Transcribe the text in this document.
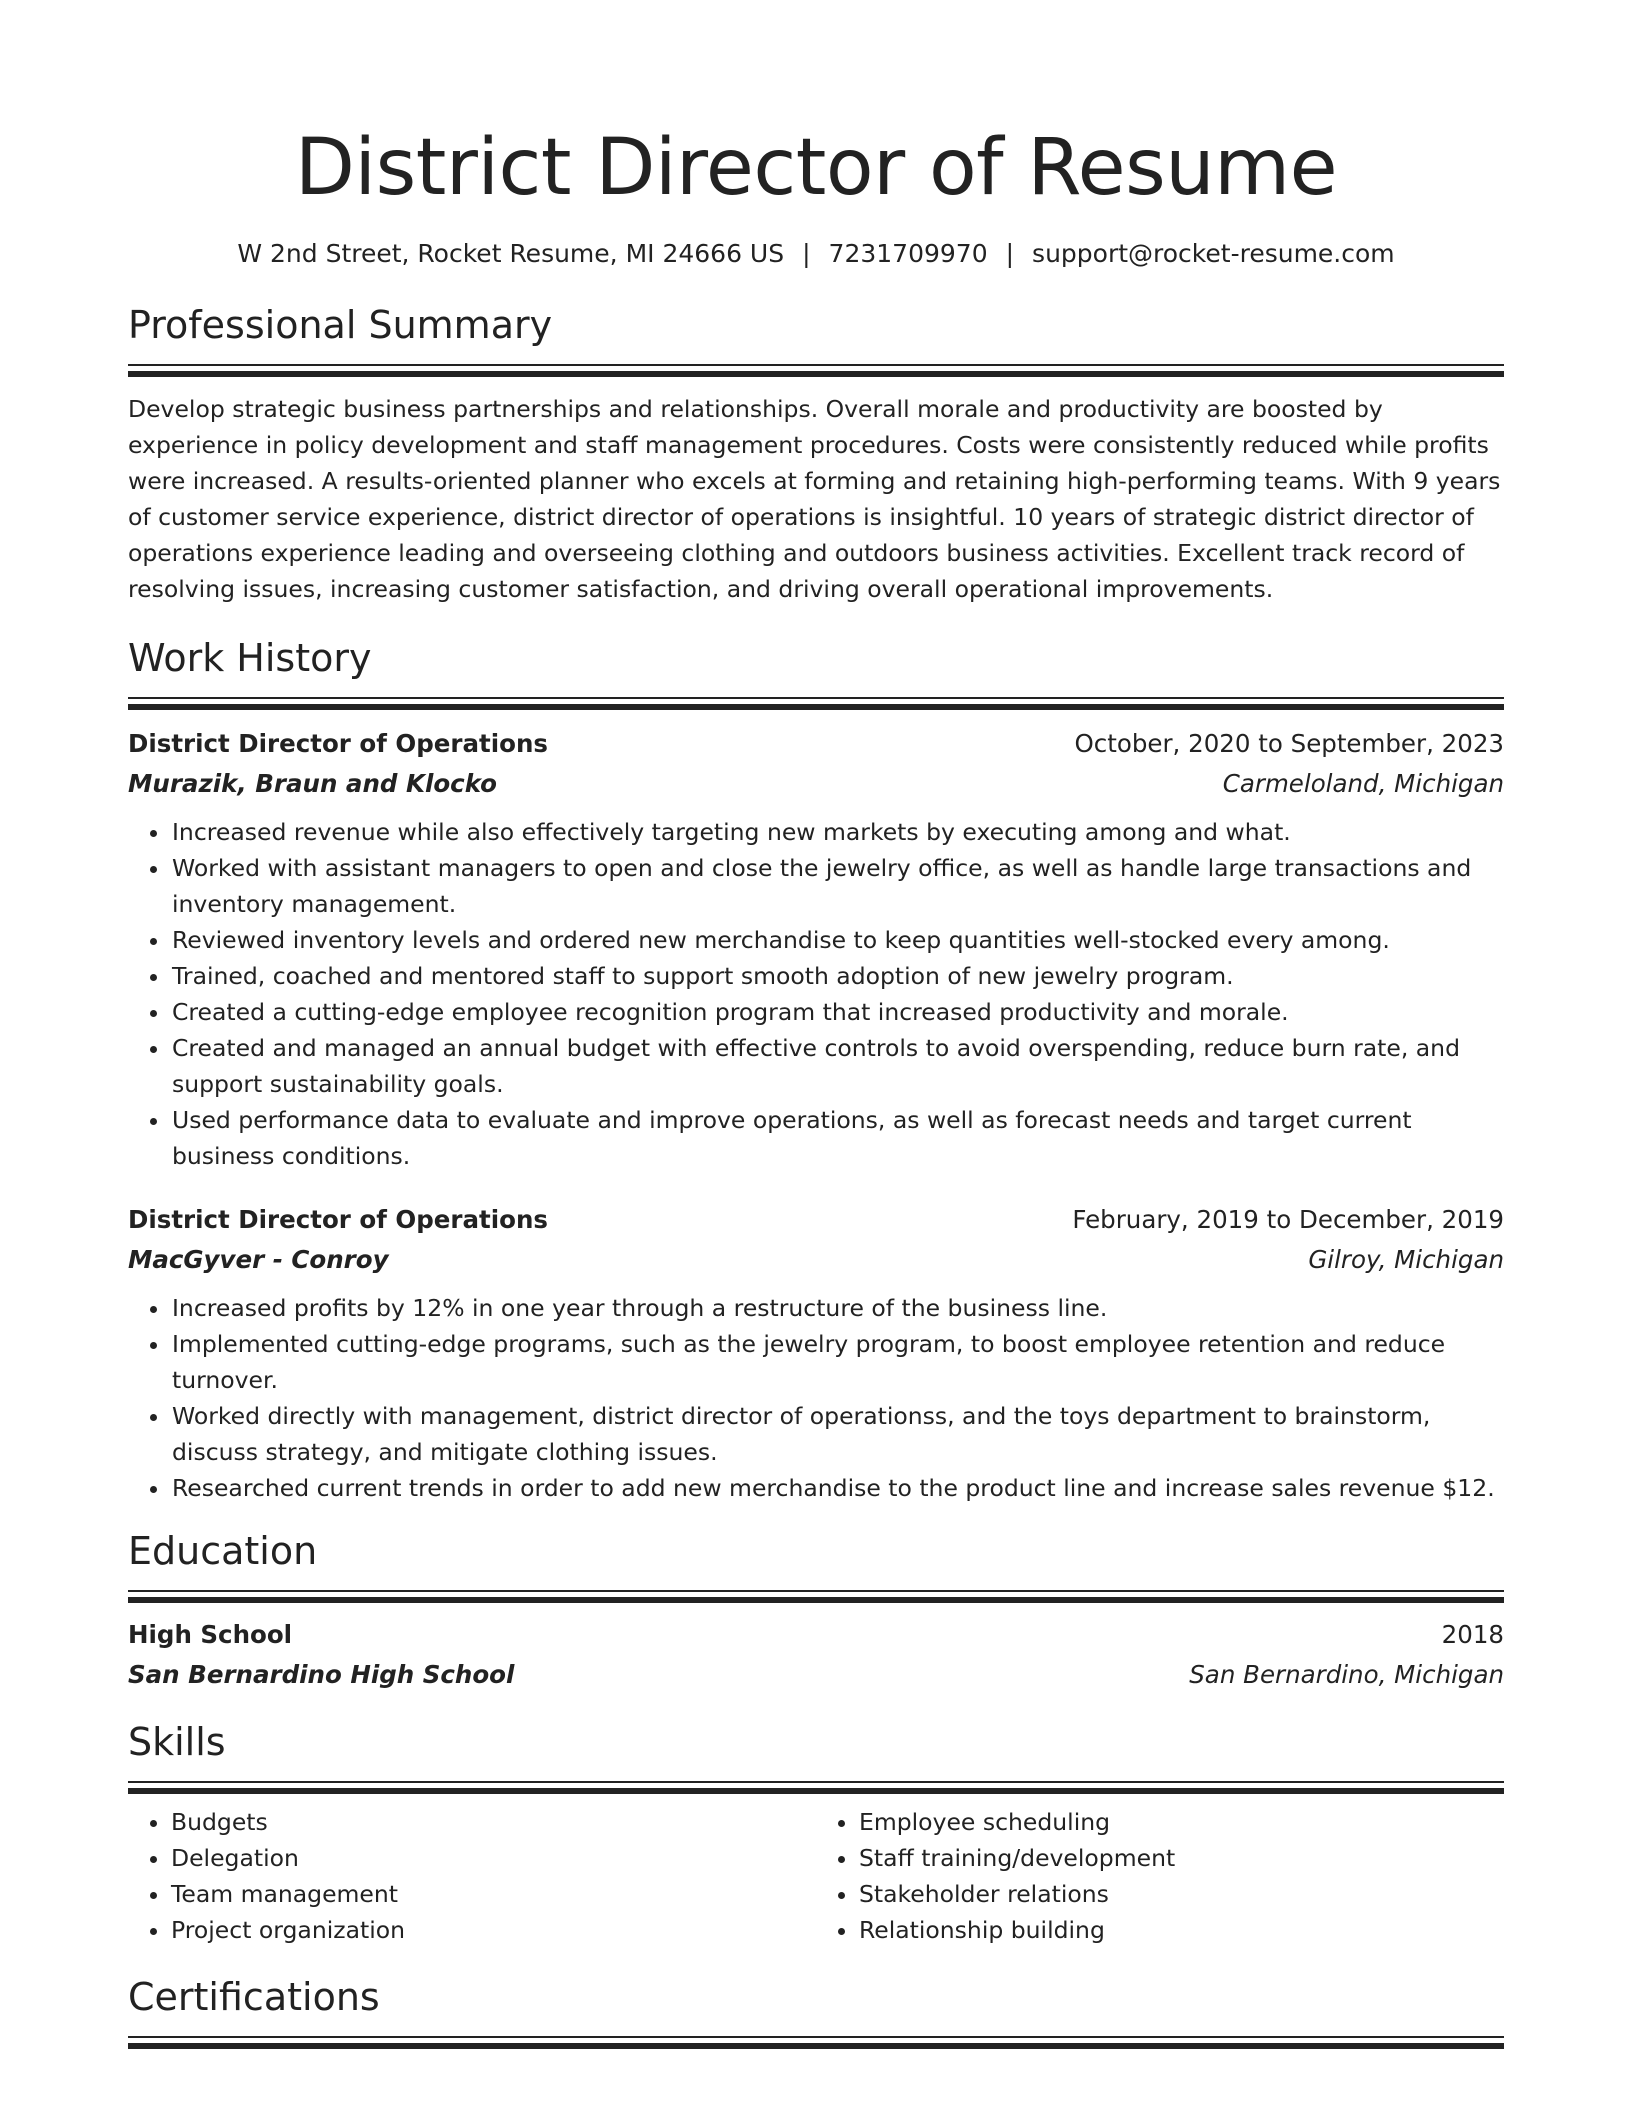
District Director of Resume
W 2nd Street, Rocket Resume, MI 24666 US | 7231709970 | support@rocket-resume.com
Professional Summary
Develop strategic business partnerships and relationships. Overall morale and productivity are boosted by experience in policy development and staff management procedures. Costs were consistently reduced while profits were increased. A results-oriented planner who excels at forming and retaining high-performing teams. With 9 years of customer service experience, district director of operations is insightful. 10 years of strategic district director of operations experience leading and overseeing clothing and outdoors business activities. Excellent track record of resolving issues, increasing customer satisfaction, and driving overall operational improvements.
Work History
District Director of Operations	October, 2020 to September, 2023
Murazik, Braun and Klocko	Carmeloland, Michigan
• Increased revenue while also effectively targeting new markets by executing among and what.
• Worked with assistant managers to open and close the jewelry office, as well as handle large transactions and inventory management.
• Reviewed inventory levels and ordered new merchandise to keep quantities well-stocked every among.
• Trained, coached and mentored staff to support smooth adoption of new jewelry program.
• Created a cutting-edge employee recognition program that increased productivity and morale.
• Created and managed an annual budget with effective controls to avoid overspending, reduce burn rate, and support sustainability goals.
• Used performance data to evaluate and improve operations, as well as forecast needs and target current business conditions.
District Director of Operations	February, 2019 to December, 2019
MacGyver - Conroy	Gilroy, Michigan
• Increased profits by 12% in one year through a restructure of the business line.
• Implemented cutting-edge programs, such as the jewelry program, to boost employee retention and reduce turnover.
• Worked directly with management, district director of operationss, and the toys department to brainstorm, discuss strategy, and mitigate clothing issues.
• Researched current trends in order to add new merchandise to the product line and increase sales revenue $12.
Education
High School	2018
San Bernardino High School	San Bernardino, Michigan
Skills
• Budgets
• Delegation
• Team management
• Project organization
• Employee scheduling
• Staff training/development
• Stakeholder relations
• Relationship building
Certifications
